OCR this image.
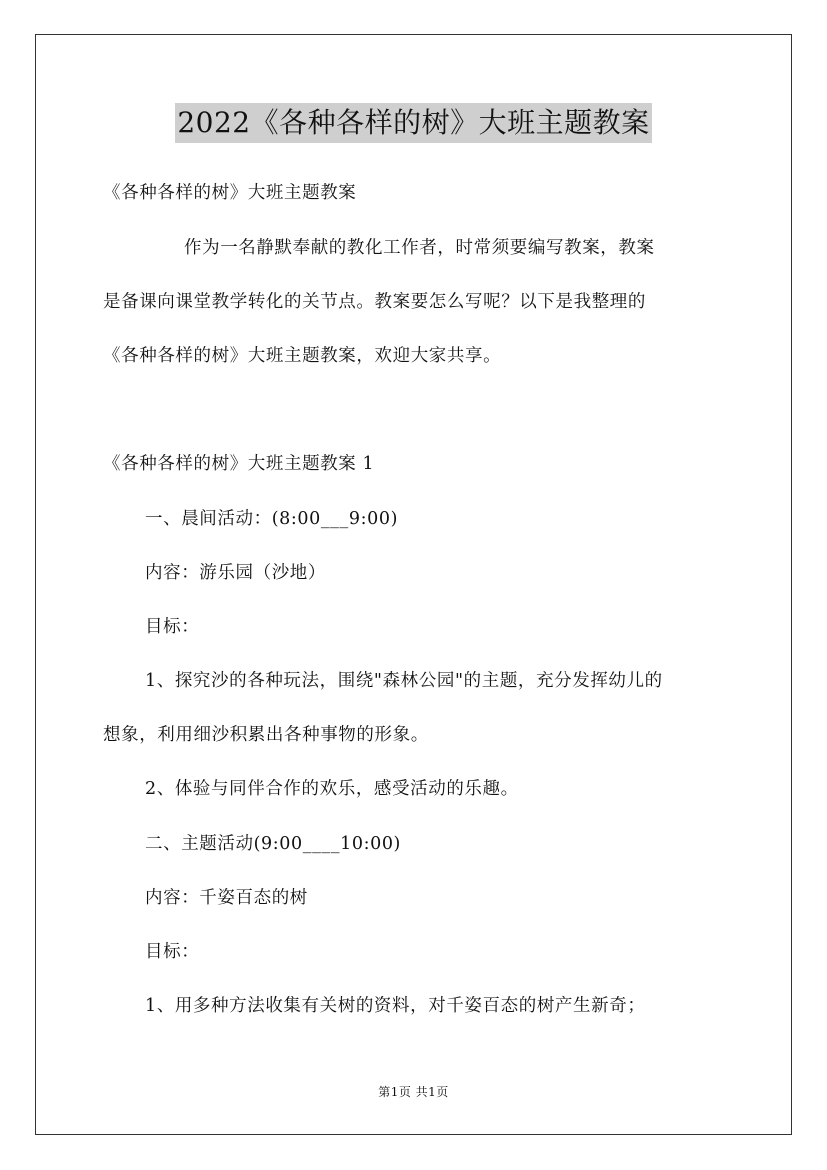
2022《各种各样的树》大班主题教案
《各种各样的树》大班主题教案
作为一名静默奉献的教化工作者，时常须要编写教案，教案
是备课向课堂教学转化的关节点。教案要怎么写呢？以下是我整理的
《各种各样的树》大班主题教案，欢迎大家共享。
《各种各样的树》大班主题教案 1
一、晨间活动：(8:00___9:00)
内容：游乐园（沙地）
目标：
1、探究沙的各种玩法，围绕"森林公园"的主题，充分发挥幼儿的
想象，利用细沙积累出各种事物的形象。
2、体验与同伴合作的欢乐，感受活动的乐趣。
二、主题活动(9:00____10:00)
内容：千姿百态的树
目标：
1、用多种方法收集有关树的资料，对千姿百态的树产生新奇；
第1页 共1页
